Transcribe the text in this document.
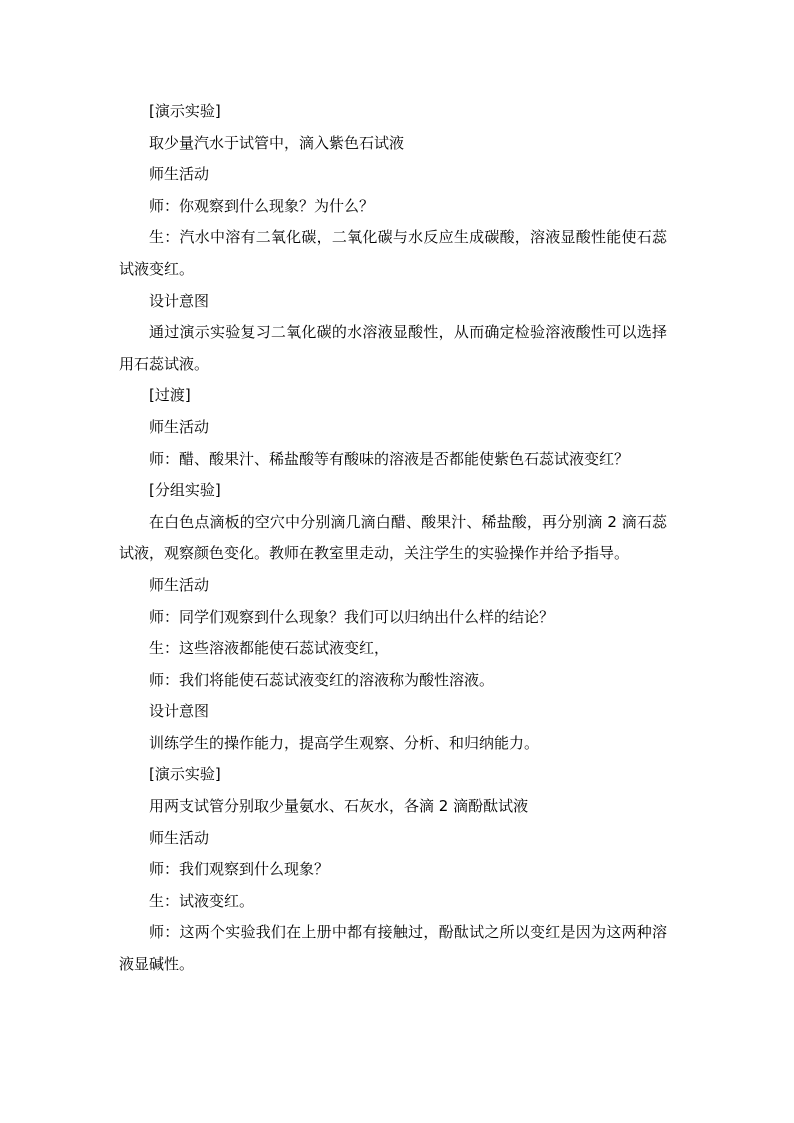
[演示实验]

取少量汽水于试管中，滴入紫色石试液

师生活动

师：你观察到什么现象？为什么？

生：汽水中溶有二氧化碳，二氧化碳与水反应生成碳酸，溶液显酸性能使石蕊试液变红。

设计意图

通过演示实验复习二氧化碳的水溶液显酸性，从而确定检验溶液酸性可以选择用石蕊试液。

[过渡]

师生活动

师：醋、酸果汁、稀盐酸等有酸味的溶液是否都能使紫色石蕊试液变红？

[分组实验]

在白色点滴板的空穴中分别滴几滴白醋、酸果汁、稀盐酸，再分别滴 2 滴石蕊试液，观察颜色变化。教师在教室里走动，关注学生的实验操作并给予指导。

师生活动

师：同学们观察到什么现象？我们可以归纳出什么样的结论？

生：这些溶液都能使石蕊试液变红，

师：我们将能使石蕊试液变红的溶液称为酸性溶液。

设计意图

训练学生的操作能力，提高学生观察、分析、和归纳能力。

[演示实验]

用两支试管分别取少量氨水、石灰水，各滴 2 滴酚酞试液

师生活动

师：我们观察到什么现象？

生：试液变红。

师：这两个实验我们在上册中都有接触过，酚酞试之所以变红是因为这两种溶液显碱性。
